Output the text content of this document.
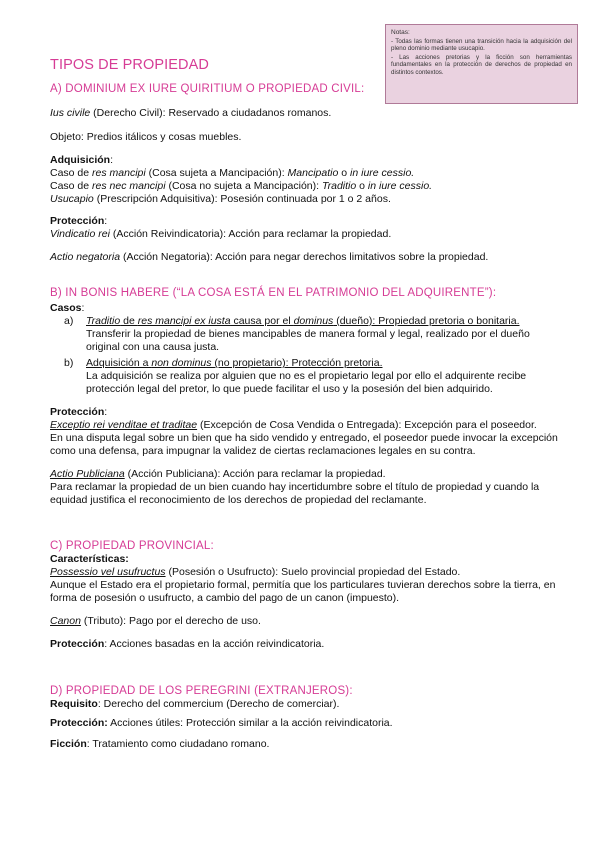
Notas:

- Todas las formas tienen una transición hacia la adquisición del pleno dominio mediante usucapio.

- Las acciones pretorias y la ficción son herramientas fundamentales en la protección de derechos de propiedad en distintos contextos.

TIPOS DE PROPIEDAD
A) DOMINIUM EX IURE QUIRITIUM O PROPIEDAD CIVIL:

Ius civile (Derecho Civil): Reservado a ciudadanos romanos.

Objeto: Predios itálicos y cosas muebles.

Adquisición:

Caso de res mancipi (Cosa sujeta a Mancipación): Mancipatio o in iure cessio.

Caso de res nec mancipi (Cosa no sujeta a Mancipación): Traditio o in iure cessio.

Usucapio (Prescripción Adquisitiva): Posesión continuada por 1 o 2 años.

Protección:

Vindicatio rei (Acción Reivindicatoria): Acción para reclamar la propiedad.

Actio negatoria (Acción Negatoria): Acción para negar derechos limitativos sobre la propiedad.

B) IN BONIS HABERE (“LA COSA ESTÁ EN EL PATRIMONIO DEL ADQUIRENTE”):

Casos:

a) Traditio de res mancipi ex iusta causa por el dominus (dueño): Propiedad pretoria o bonitaria.

Transferir la propiedad de bienes mancipables de manera formal y legal, realizado por el dueño original con una causa justa.

b) Adquisición a non dominus (no propietario): Protección pretoria.

La adquisición se realiza por alguien que no es el propietario legal por ello el adquirente recibe protección legal del pretor, lo que puede facilitar el uso y la posesión del bien adquirido.

Protección:

Exceptio rei venditae et traditae (Excepción de Cosa Vendida o Entregada): Excepción para el poseedor.

En una disputa legal sobre un bien que ha sido vendido y entregado, el poseedor puede invocar la excepción como una defensa, para impugnar la validez de ciertas reclamaciones legales en su contra.

Actio Publiciana (Acción Publiciana): Acción para reclamar la propiedad.

Para reclamar la propiedad de un bien cuando hay incertidumbre sobre el título de propiedad y cuando la equidad justifica el reconocimiento de los derechos de propiedad del reclamante.

C) PROPIEDAD PROVINCIAL:

Características:

Possessio vel usufructus (Posesión o Usufructo): Suelo provincial propiedad del Estado.

Aunque el Estado era el propietario formal, permitía que los particulares tuvieran derechos sobre la tierra, en forma de posesión o usufructo, a cambio del pago de un canon (impuesto).

Canon (Tributo): Pago por el derecho de uso.

Protección: Acciones basadas en la acción reivindicatoria.

D) PROPIEDAD DE LOS PEREGRINI (EXTRANJEROS):

Requisito: Derecho del commercium (Derecho de comerciar).

Protección: Acciones útiles: Protección similar a la acción reivindicatoria.

Ficción: Tratamiento como ciudadano romano.
